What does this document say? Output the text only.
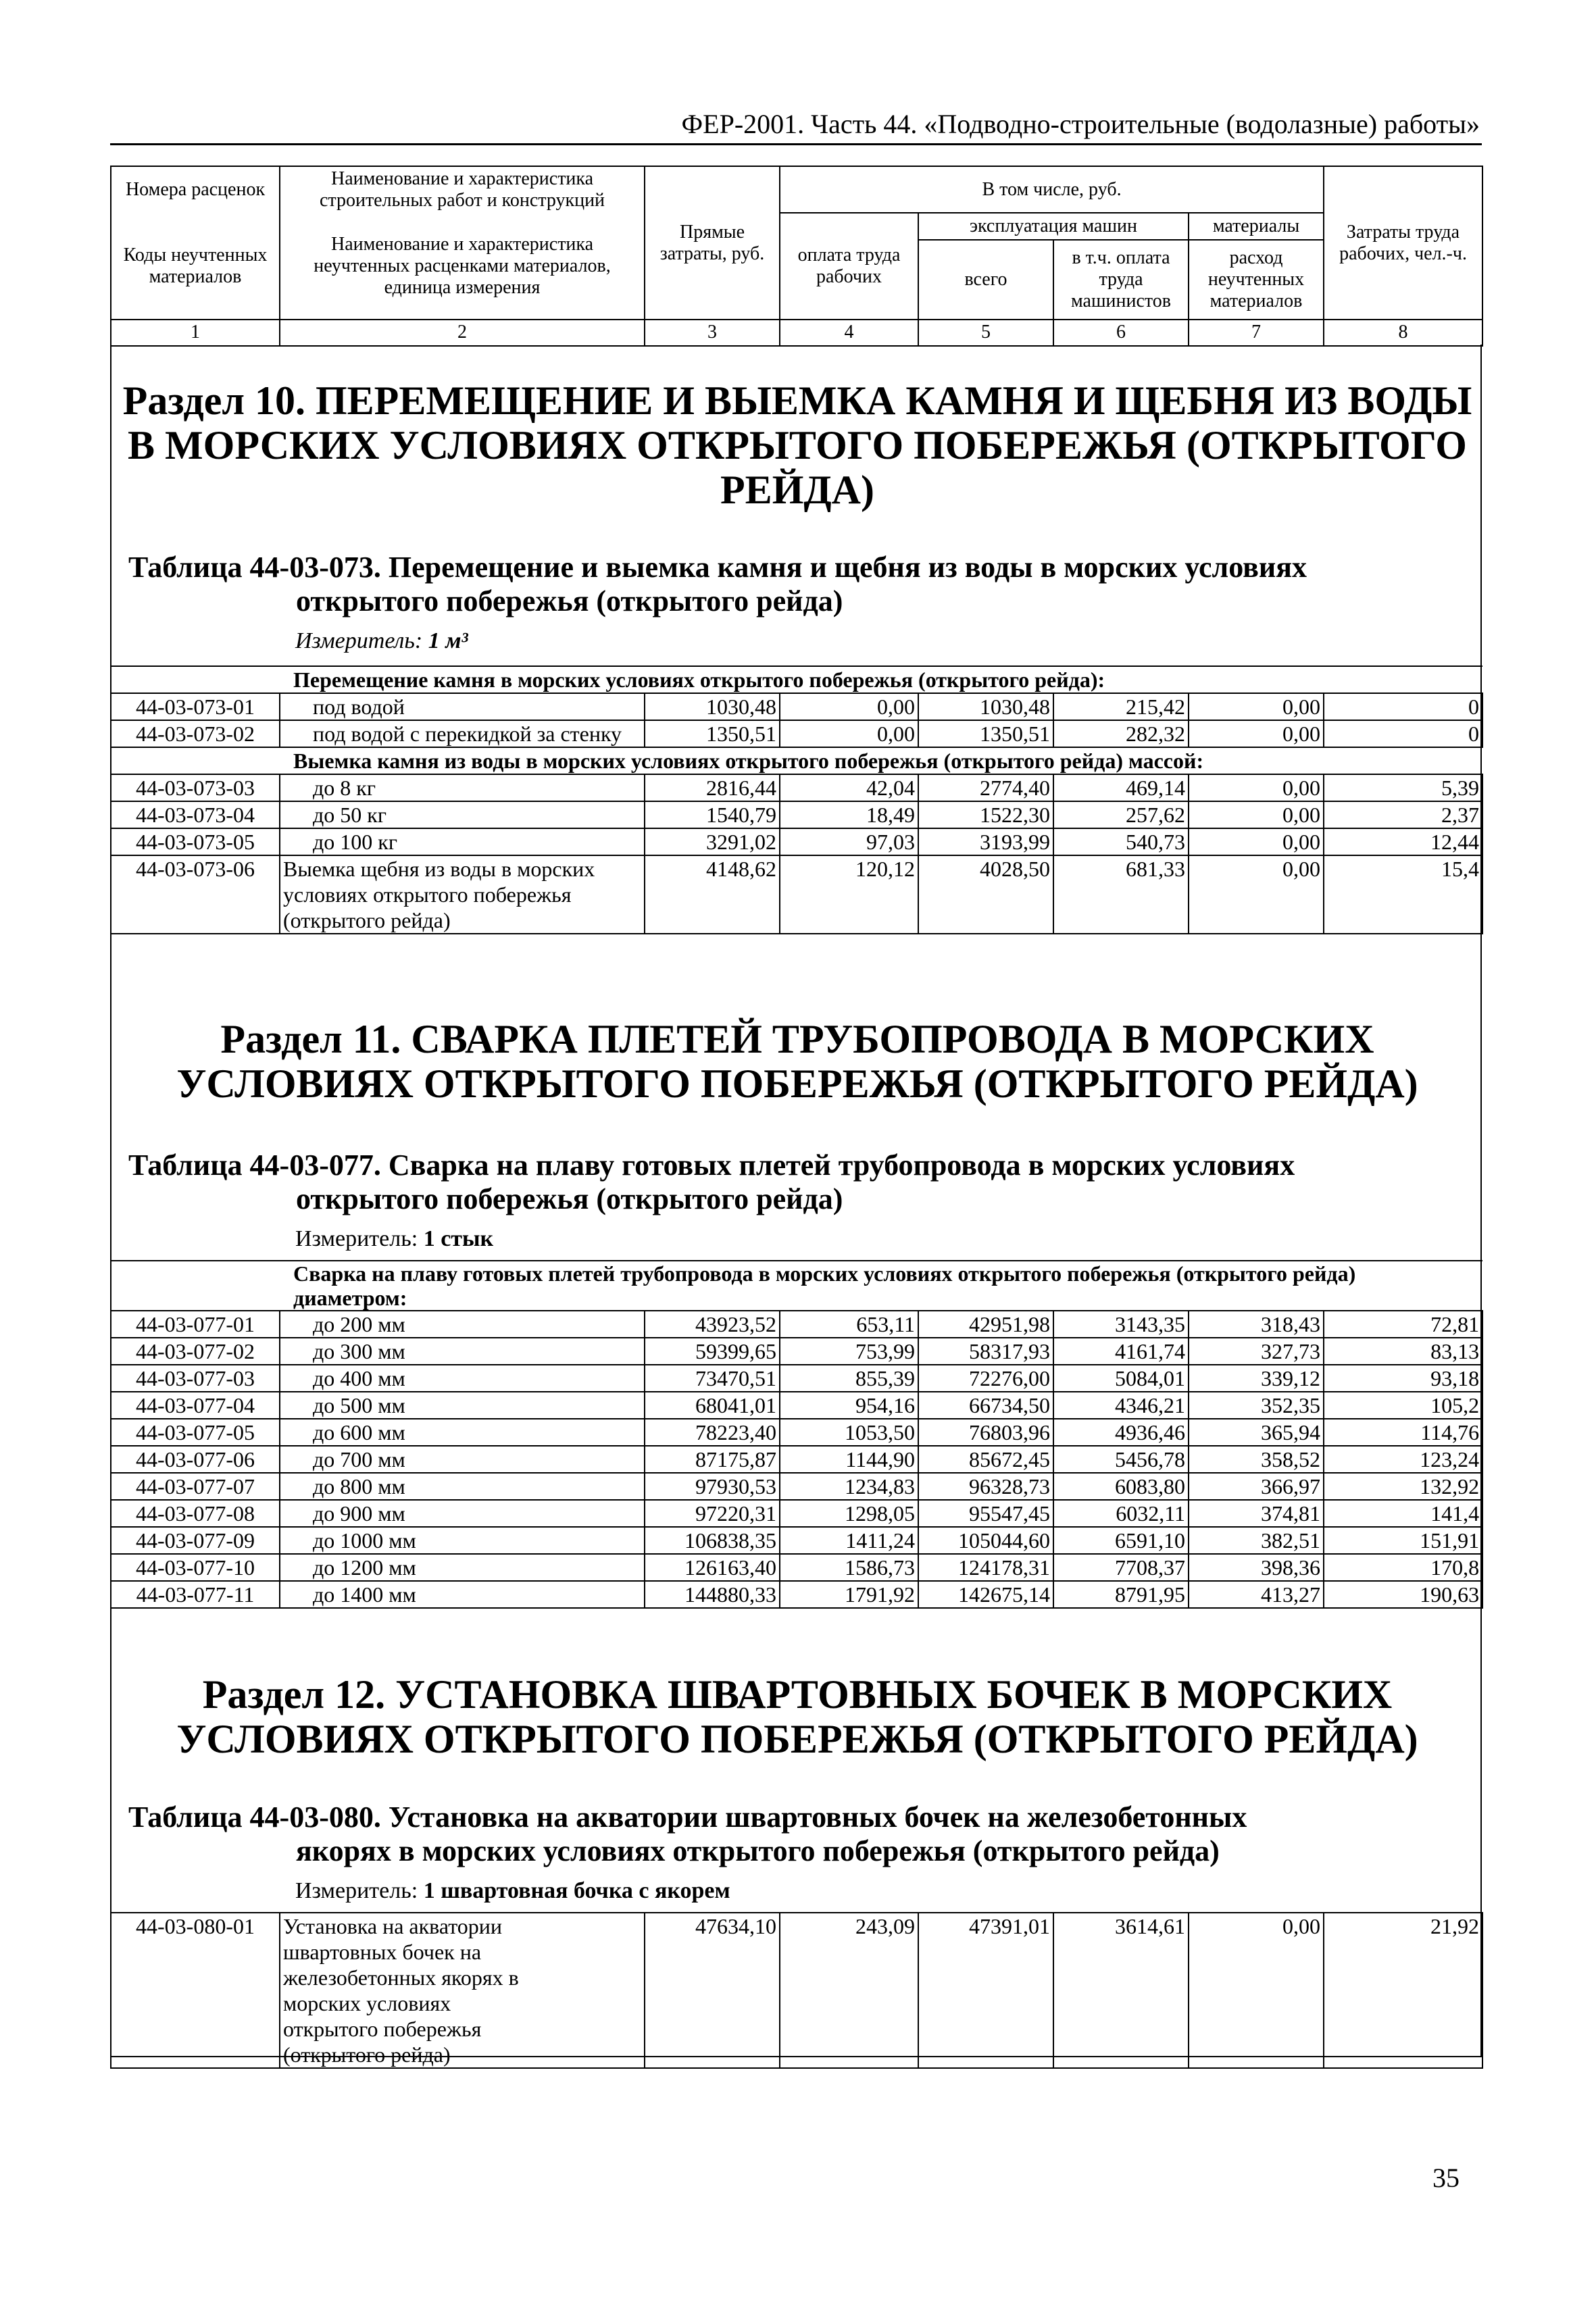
ФЕР-2001. Часть 44. «Подводно-строительные (водолазные) работы»
Номера расценок	Наименование и характеристика строительных работ и конструкций	Прямые затраты, руб.	В том числе, руб.				Затраты труда рабочих, чел.-ч.
Коды неучтенных материалов	Наименование и характеристика неучтенных расценками материалов, единица измерения		оплата труда рабочих	эксплуатация машин		материалы	
				всего	в т.ч. оплата труда машинистов	расход неучтенных материалов	
1	2	3	4	5	6	7	8
Раздел 10. ПЕРЕМЕЩЕНИЕ И ВЫЕМКА КАМНЯ И ЩЕБНЯ ИЗ ВОДЫ В МОРСКИХ УСЛОВИЯХ ОТКРЫТОГО ПОБЕРЕЖЬЯ (ОТКРЫТОГО РЕЙДА)
Таблица 44-03-073. Перемещение и выемка камня и щебня из воды в морских условиях
открытого побережья (открытого рейда)
Измеритель: 1 м³
Перемещение камня в морских условиях открытого побережья (открытого рейда):							
44-03-073-01	под водой	1030,48	0,00	1030,48	215,42	0,00	0
44-03-073-02	под водой с перекидкой за стенку	1350,51	0,00	1350,51	282,32	0,00	0
Выемка камня из воды в морских условиях открытого побережья (открытого рейда) массой:							
44-03-073-03	до 8 кг	2816,44	42,04	2774,40	469,14	0,00	5,39
44-03-073-04	до 50 кг	1540,79	18,49	1522,30	257,62	0,00	2,37
44-03-073-05	до 100 кг	3291,02	97,03	3193,99	540,73	0,00	12,44
44-03-073-06	Выемка щебня из воды в морских условиях открытого побережья (открытого рейда)	4148,62	120,12	4028,50	681,33	0,00	15,4
Раздел 11. СВАРКА ПЛЕТЕЙ ТРУБОПРОВОДА В МОРСКИХ УСЛОВИЯХ ОТКРЫТОГО ПОБЕРЕЖЬЯ (ОТКРЫТОГО РЕЙДА)
Таблица 44-03-077. Сварка на плаву готовых плетей трубопровода в морских условиях
открытого побережья (открытого рейда)
Измеритель: 1 стык
Сварка на плаву готовых плетей трубопровода в морских условиях открытого побережья (открытого рейда) диаметром:							
44-03-077-01	до 200 мм	43923,52	653,11	42951,98	3143,35	318,43	72,81
44-03-077-02	до 300 мм	59399,65	753,99	58317,93	4161,74	327,73	83,13
44-03-077-03	до 400 мм	73470,51	855,39	72276,00	5084,01	339,12	93,18
44-03-077-04	до 500 мм	68041,01	954,16	66734,50	4346,21	352,35	105,2
44-03-077-05	до 600 мм	78223,40	1053,50	76803,96	4936,46	365,94	114,76
44-03-077-06	до 700 мм	87175,87	1144,90	85672,45	5456,78	358,52	123,24
44-03-077-07	до 800 мм	97930,53	1234,83	96328,73	6083,80	366,97	132,92
44-03-077-08	до 900 мм	97220,31	1298,05	95547,45	6032,11	374,81	141,4
44-03-077-09	до 1000 мм	106838,35	1411,24	105044,60	6591,10	382,51	151,91
44-03-077-10	до 1200 мм	126163,40	1586,73	124178,31	7708,37	398,36	170,8
44-03-077-11	до 1400 мм	144880,33	1791,92	142675,14	8791,95	413,27	190,63
Раздел 12. УСТАНОВКА ШВАРТОВНЫХ БОЧЕК В МОРСКИХ УСЛОВИЯХ ОТКРЫТОГО ПОБЕРЕЖЬЯ (ОТКРЫТОГО РЕЙДА)
Таблица 44-03-080. Установка на акватории швартовных бочек на железобетонных
якорях в морских условиях открытого побережья (открытого рейда)
Измеритель: 1 швартовная бочка с якорем
44-03-080-01	Установка на акватории швартовных бочек на железобетонных якорях в морских условиях открытого побережья (открытого рейда)	47634,10	243,09	47391,01	3614,61	0,00	21,92
35
